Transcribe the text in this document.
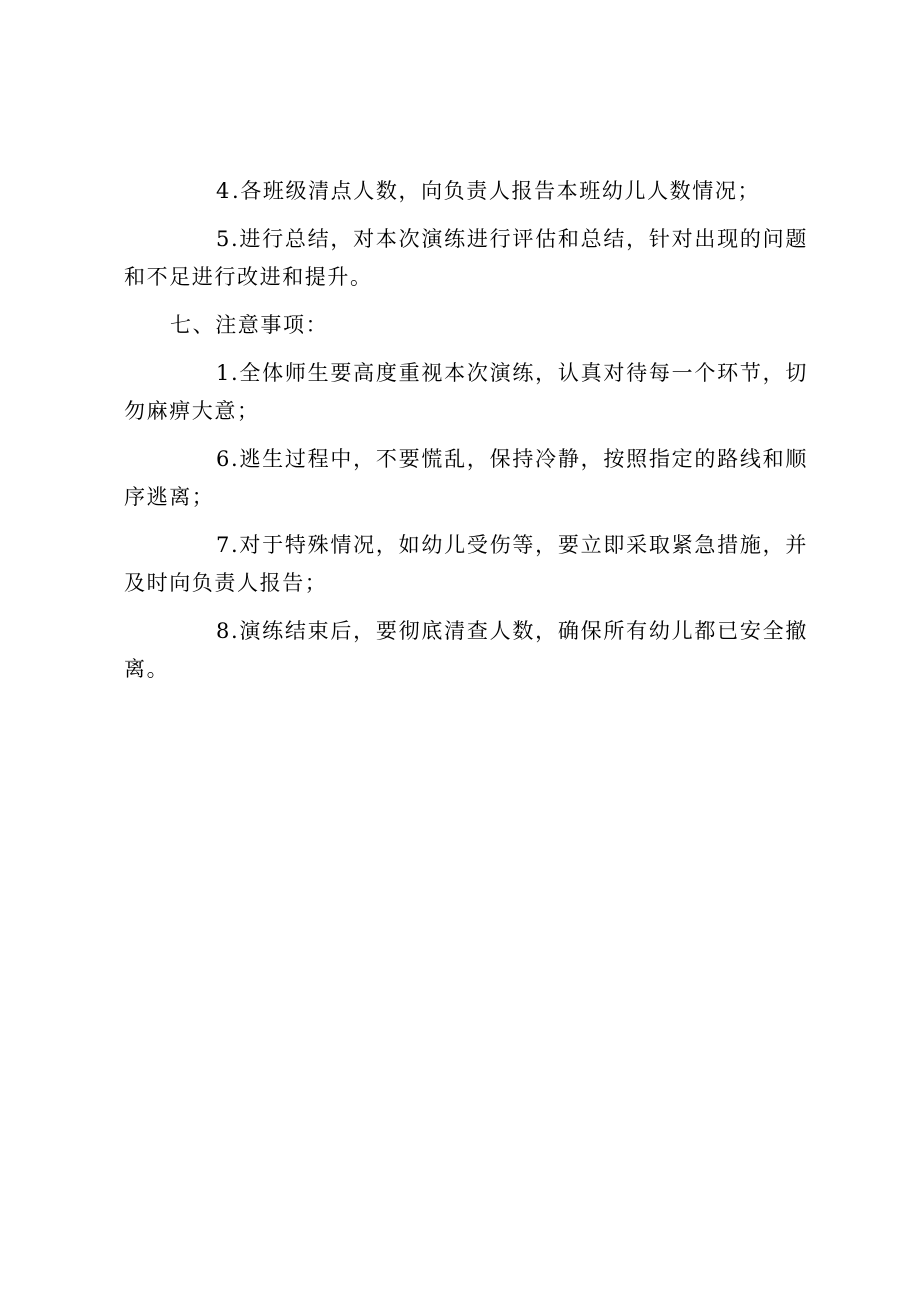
4.各班级清点人数，向负责人报告本班幼儿人数情况；

5.进行总结，对本次演练进行评估和总结，针对出现的问题和不足进行改进和提升。

七、注意事项：

1.全体师生要高度重视本次演练，认真对待每一个环节，切勿麻痹大意；

6.逃生过程中，不要慌乱，保持冷静，按照指定的路线和顺序逃离；

7.对于特殊情况，如幼儿受伤等，要立即采取紧急措施，并及时向负责人报告；

8.演练结束后，要彻底清查人数，确保所有幼儿都已安全撤离。
